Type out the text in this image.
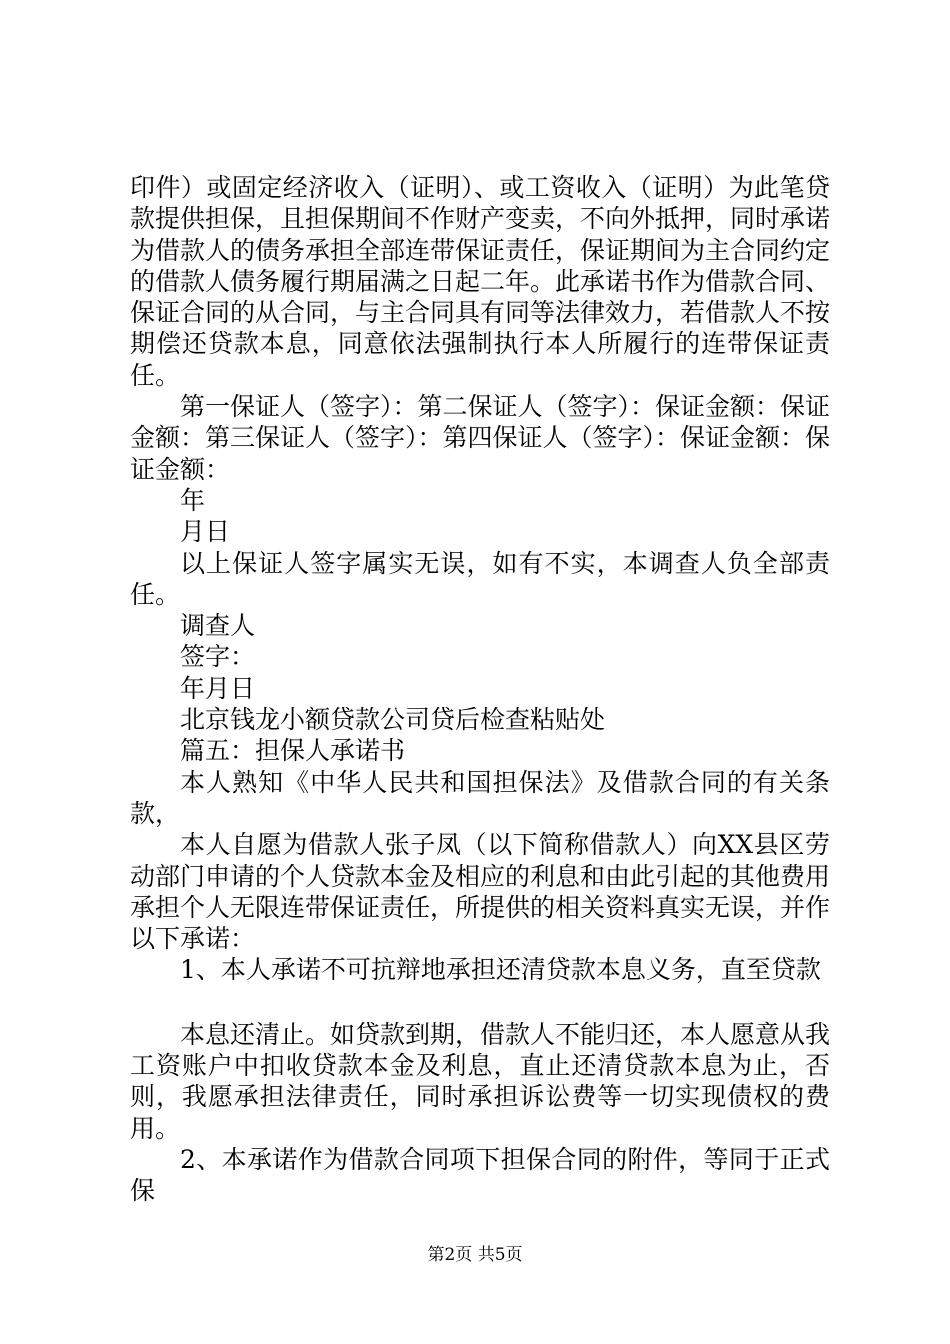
印件）或固定经济收入（证明）、或工资收入（证明）为此笔贷款提供担保，且担保期间不作财产变卖，不向外抵押，同时承诺为借款人的债务承担全部连带保证责任，保证期间为主合同约定的借款人债务履行期届满之日起二年。此承诺书作为借款合同、保证合同的从合同，与主合同具有同等法律效力，若借款人不按期偿还贷款本息，同意依法强制执行本人所履行的连带保证责任。

第一保证人（签字）：第二保证人（签字）：保证金额：保证金额：第三保证人（签字）：第四保证人（签字）：保证金额：保证金额：

年

月日

以上保证人签字属实无误，如有不实，本调查人负全部责任。

调查人

签字：

年月日

北京钱龙小额贷款公司贷后检查粘贴处

篇五：担保人承诺书

本人熟知《中华人民共和国担保法》及借款合同的有关条款，

本人自愿为借款人张子凤（以下简称借款人）向XX县区劳动部门申请的个人贷款本金及相应的利息和由此引起的其他费用承担个人无限连带保证责任，所提供的相关资料真实无误，并作以下承诺：

1、本人承诺不可抗辩地承担还清贷款本息义务，直至贷款

本息还清止。如贷款到期，借款人不能归还，本人愿意从我工资账户中扣收贷款本金及利息，直止还清贷款本息为止，否则，我愿承担法律责任，同时承担诉讼费等一切实现债权的费用。

2、本承诺作为借款合同项下担保合同的附件，等同于正式保

第2页 共5页
